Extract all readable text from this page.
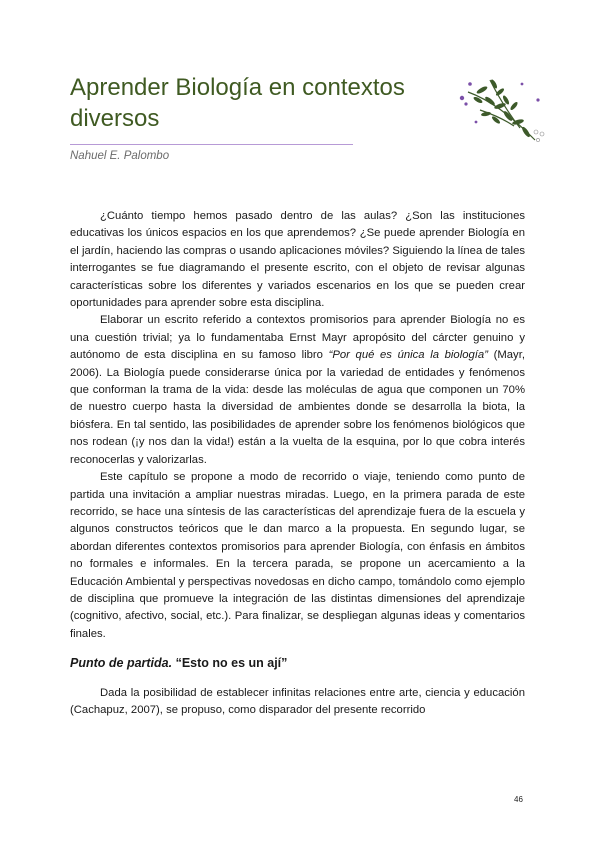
Aprender Biología en contextos diversos

Nahuel E. Palombo

¿Cuánto tiempo hemos pasado dentro de las aulas? ¿Son las instituciones educativas los únicos espacios en los que aprendemos? ¿Se puede aprender Biología en el jardín, haciendo las compras o usando aplicaciones móviles? Siguiendo la línea de tales interrogantes se fue diagramando el presente escrito, con el objeto de revisar algunas características sobre los diferentes y variados escenarios en los que se pueden crear oportunidades para aprender sobre esta disciplina.

Elaborar un escrito referido a contextos promisorios para aprender Biología no es una cuestión trivial; ya lo fundamentaba Ernst Mayr apropósito del cárcter genuino y autónomo de esta disciplina en su famoso libro “Por qué es única la biología” (Mayr, 2006). La Biología puede considerarse única por la variedad de entidades y fenómenos que conforman la trama de la vida: desde las moléculas de agua que componen un 70% de nuestro cuerpo hasta la diversidad de ambientes donde se desarrolla la biota, la biósfera. En tal sentido, las posibilidades de aprender sobre los fenómenos biológicos que nos rodean (¡y nos dan la vida!) están a la vuelta de la esquina, por lo que cobra interés reconocerlas y valorizarlas.

Este capítulo se propone a modo de recorrido o viaje, teniendo como punto de partida una invitación a ampliar nuestras miradas. Luego, en la primera parada de este recorrido, se hace una síntesis de las características del aprendizaje fuera de la escuela y algunos constructos teóricos que le dan marco a la propuesta. En segundo lugar, se abordan diferentes contextos promisorios para aprender Biología, con énfasis en ámbitos no formales e informales. En la tercera parada, se propone un acercamiento a la Educación Ambiental y perspectivas novedosas en dicho campo, tomándolo como ejemplo de disciplina que promueve la integración de las distintas dimensiones del aprendizaje (cognitivo, afectivo, social, etc.). Para finalizar, se despliegan algunas ideas y comentarios finales.

Punto de partida. “Esto no es un ají”

Dada la posibilidad de establecer infinitas relaciones entre arte, ciencia y educación (Cachapuz, 2007), se propuso, como disparador del presente recorrido

46
